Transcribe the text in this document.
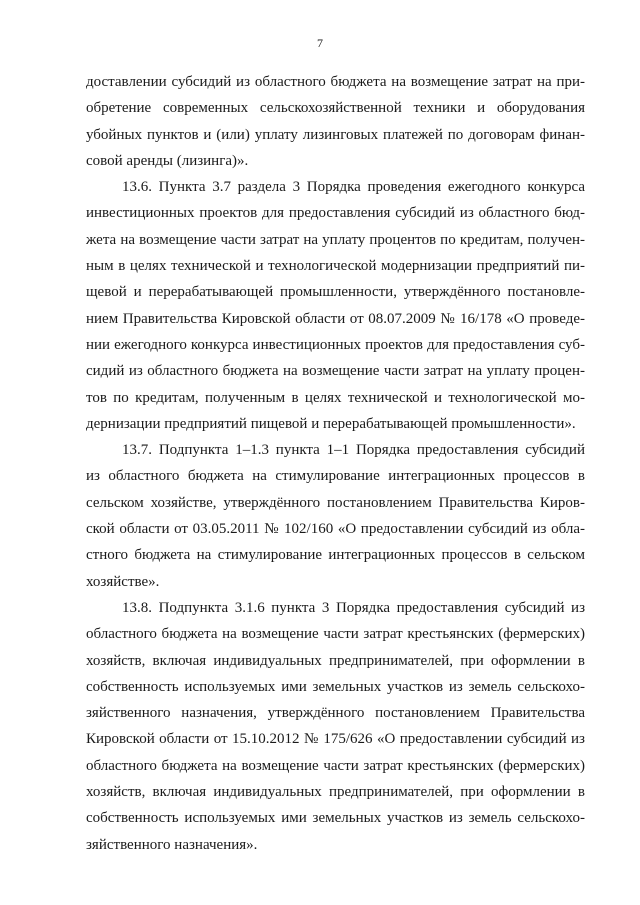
7
доставлении субсидий из областного бюджета на возмещение затрат на при-
обретение современных сельскохозяйственной техники и оборудования
убойных пунктов и (или) уплату лизинговых платежей по договорам финан-
совой аренды (лизинга)».
13.6. Пункта 3.7 раздела 3 Порядка проведения ежегодного конкурса
инвестиционных проектов для предоставления субсидий из областного бюд-
жета на возмещение части затрат на уплату процентов по кредитам, получен-
ным в целях технической и технологической модернизации предприятий пи-
щевой и перерабатывающей промышленности, утверждённого постановле-
нием Правительства Кировской области от 08.07.2009 № 16/178 «О проведе-
нии ежегодного конкурса инвестиционных проектов для предоставления суб-
сидий из областного бюджета на возмещение части затрат на уплату процен-
тов по кредитам, полученным в целях технической и технологической мо-
дернизации предприятий пищевой и перерабатывающей промышленности».
13.7. Подпункта 1–1.3 пункта 1–1 Порядка предоставления субсидий
из областного бюджета на стимулирование интеграционных процессов в
сельском хозяйстве, утверждённого постановлением Правительства Киров-
ской области от 03.05.2011 № 102/160 «О предоставлении субсидий из обла-
стного бюджета на стимулирование интеграционных процессов в сельском
хозяйстве».
13.8. Подпункта 3.1.6 пункта 3 Порядка предоставления субсидий из
областного бюджета на возмещение части затрат крестьянских (фермерских)
хозяйств, включая индивидуальных предпринимателей, при оформлении в
собственность используемых ими земельных участков из земель сельскохо-
зяйственного назначения, утверждённого постановлением Правительства
Кировской области от 15.10.2012 № 175/626 «О предоставлении субсидий из
областного бюджета на возмещение части затрат крестьянских (фермерских)
хозяйств, включая индивидуальных предпринимателей, при оформлении в
собственность используемых ими земельных участков из земель сельскохо-
зяйственного назначения».
